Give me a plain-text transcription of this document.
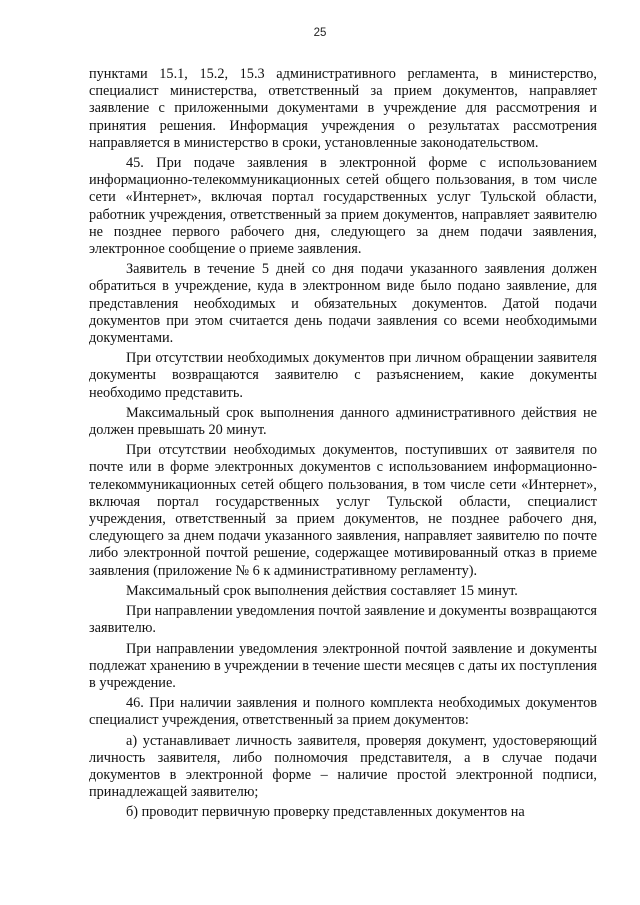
25

пунктами 15.1, 15.2, 15.3 административного регламента, в министерство, специалист министерства, ответственный за прием документов, направляет заявление с приложенными документами в учреждение для рассмотрения и принятия решения. Информация учреждения о результатах рассмотрения направляется в министерство в сроки, установленные законодательством.

45. При подаче заявления в электронной форме с использованием информационно-телекоммуникационных сетей общего пользования, в том числе сети «Интернет», включая портал государственных услуг Тульской области, работник учреждения, ответственный за прием документов, направляет заявителю не позднее первого рабочего дня, следующего за днем подачи заявления, электронное сообщение о приеме заявления.

Заявитель в течение 5 дней со дня подачи указанного заявления должен обратиться в учреждение, куда в электронном виде было подано заявление, для представления необходимых и обязательных документов. Датой подачи документов при этом считается день подачи заявления со всеми необходимыми документами.

При отсутствии необходимых документов при личном обращении заявителя документы возвращаются заявителю с разъяснением, какие документы необходимо представить.

Максимальный срок выполнения данного административного действия не должен превышать 20 минут.

При отсутствии необходимых документов, поступивших от заявителя по почте или в форме электронных документов с использованием информационно-телекоммуникационных сетей общего пользования, в том числе сети «Интернет», включая портал государственных услуг Тульской области, специалист учреждения, ответственный за прием документов, не позднее рабочего дня, следующего за днем подачи указанного заявления, направляет заявителю по почте либо электронной почтой решение, содержащее мотивированный отказ в приеме заявления (приложение № 6 к административному регламенту).

Максимальный срок выполнения действия составляет 15 минут.

При направлении уведомления почтой заявление и документы возвращаются заявителю.

При направлении уведомления электронной почтой заявление и документы подлежат хранению в учреждении в течение шести месяцев с даты их поступления в учреждение.

46. При наличии заявления и полного комплекта необходимых документов специалист учреждения, ответственный за прием документов:

а) устанавливает личность заявителя, проверяя документ, удостоверяющий личность заявителя, либо полномочия представителя, а в случае подачи документов в электронной форме – наличие простой электронной подписи, принадлежащей заявителю;

б) проводит первичную проверку представленных документов на
